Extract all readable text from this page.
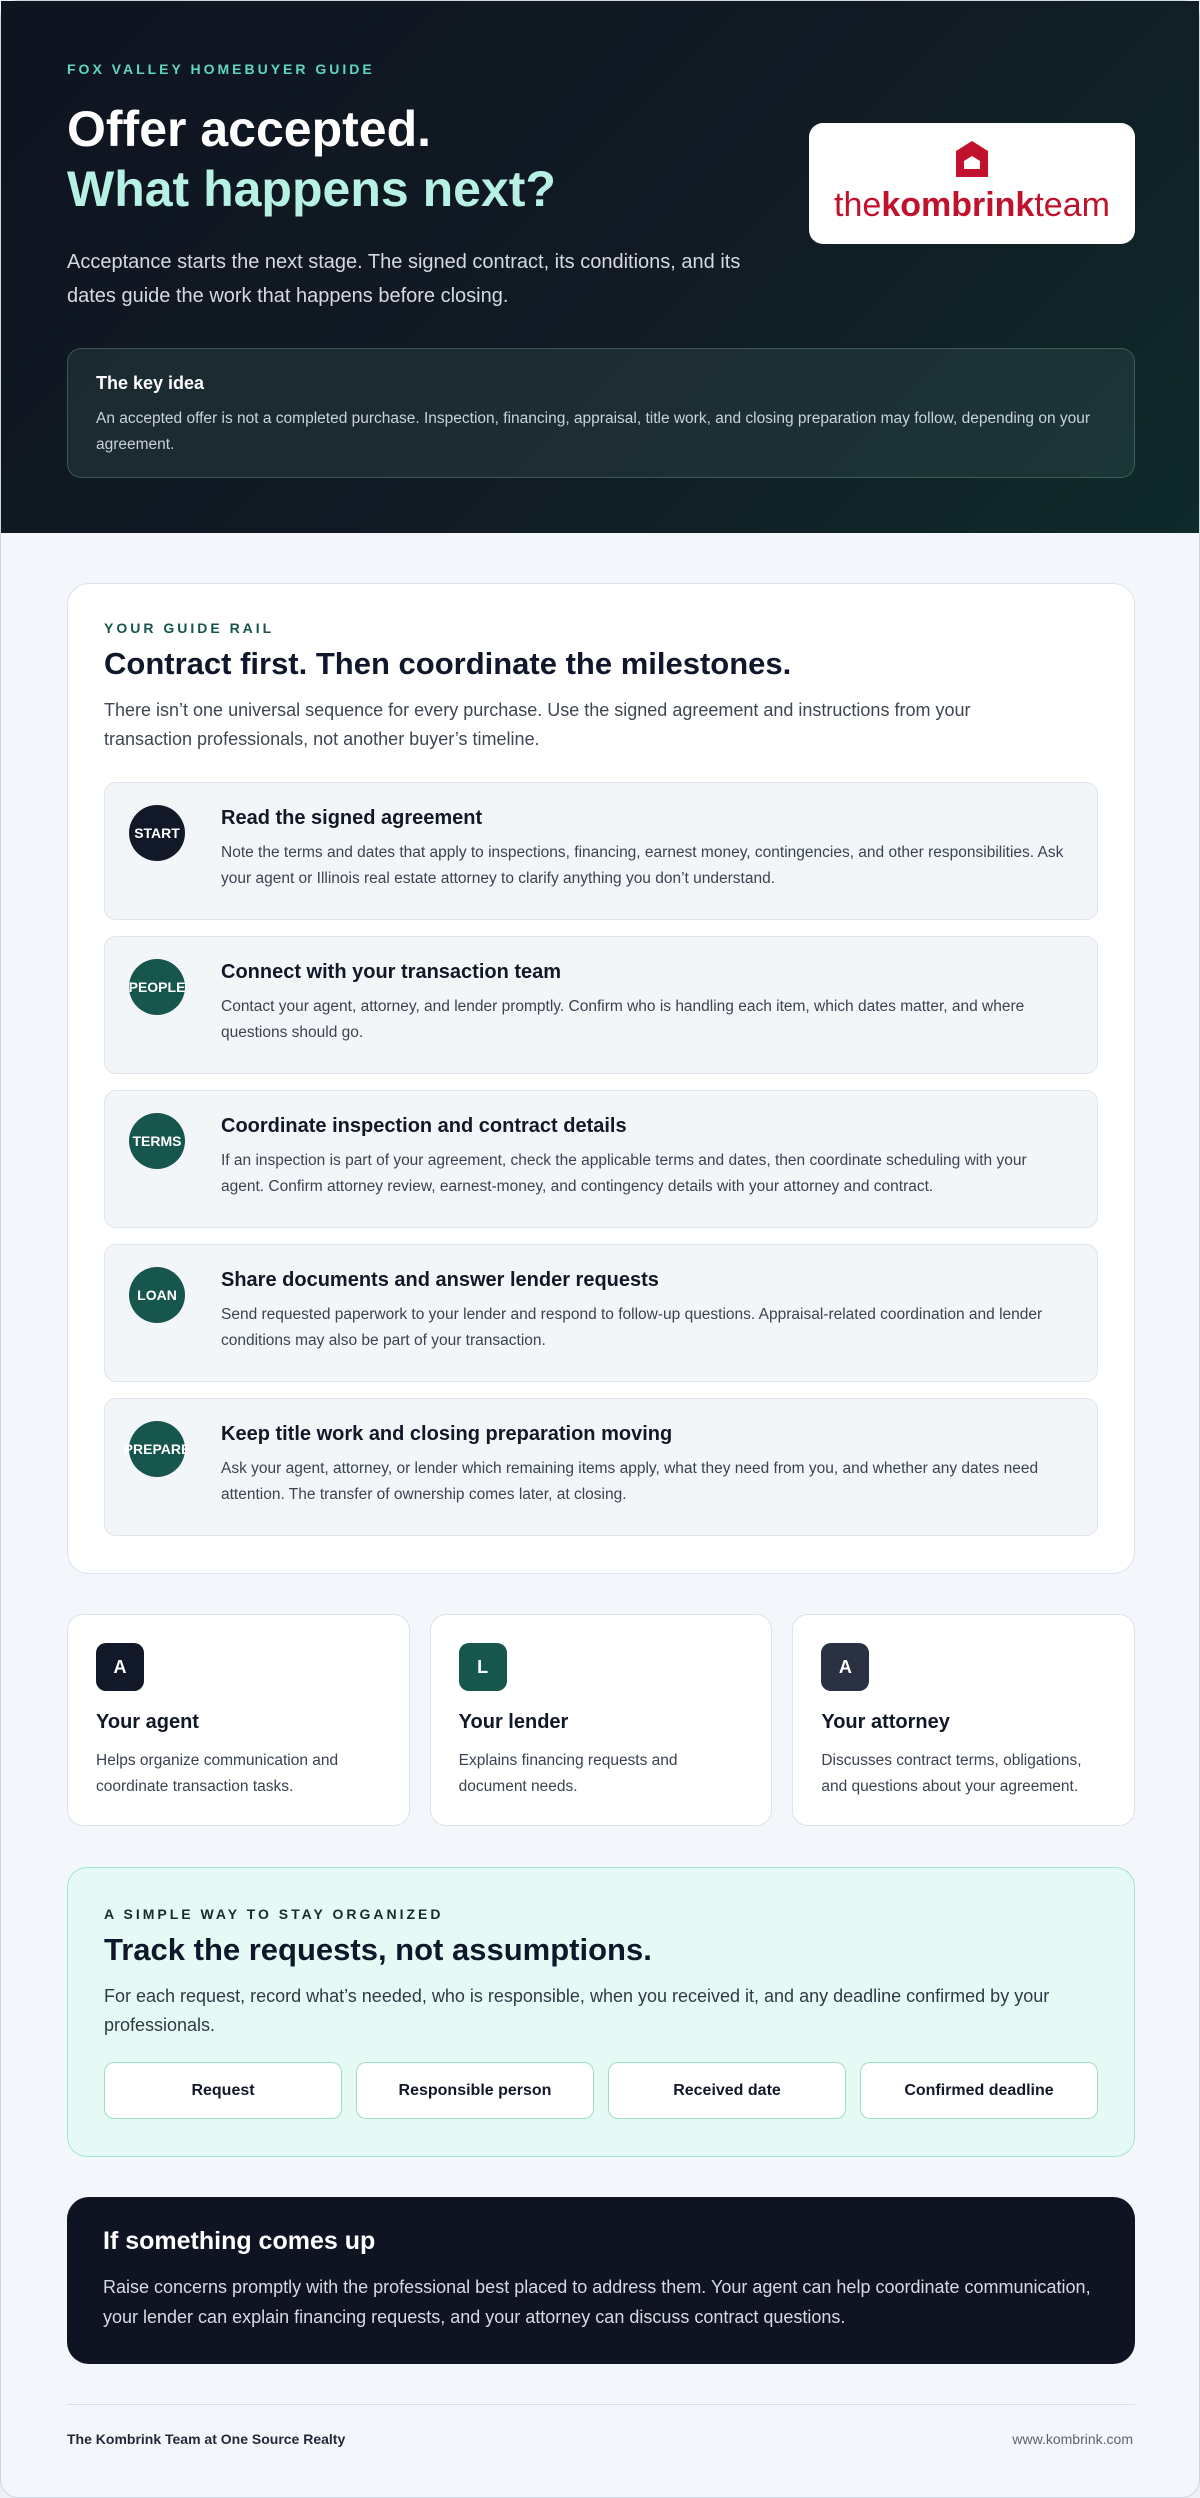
FOX VALLEY HOMEBUYER GUIDE
Offer accepted.
What happens next?

Acceptance starts the next stage. The signed contract, its conditions, and its dates guide the work that happens before closing.

thekombrinkteam
The key idea

An accepted offer is not a completed purchase. Inspection, financing, appraisal, title work, and closing preparation may follow, depending on your agreement.

YOUR GUIDE RAIL
Contract first. Then coordinate the milestones.

There isn’t one universal sequence for every purchase. Use the signed agreement and instructions from your transaction professionals, not another buyer’s timeline.

START
Read the signed agreement

Note the terms and dates that apply to inspections, financing, earnest money, contingencies, and other responsibilities. Ask your agent or Illinois real estate attorney to clarify anything you don’t understand.

PEOPLE
Connect with your transaction team

Contact your agent, attorney, and lender promptly. Confirm who is handling each item, which dates matter, and where questions should go.

TERMS
Coordinate inspection and contract details

If an inspection is part of your agreement, check the applicable terms and dates, then coordinate scheduling with your agent. Confirm attorney review, earnest-money, and contingency details with your attorney and contract.

LOAN
Share documents and answer lender requests

Send requested paperwork to your lender and respond to follow-up questions. Appraisal-related coordination and lender conditions may also be part of your transaction.

PREPARE
Keep title work and closing preparation moving

Ask your agent, attorney, or lender which remaining items apply, what they need from you, and whether any dates need attention. The transfer of ownership comes later, at closing.

A
Your agent

Helps organize communication and coordinate transaction tasks.

L
Your lender

Explains financing requests and document needs.

A
Your attorney

Discusses contract terms, obligations, and questions about your agreement.

A SIMPLE WAY TO STAY ORGANIZED
Track the requests, not assumptions.

For each request, record what’s needed, who is responsible, when you received it, and any deadline confirmed by your professionals.

Request	Responsible person	Received date	Confirmed deadline
If something comes up

Raise concerns promptly with the professional best placed to address them. Your agent can help coordinate communication, your lender can explain financing requests, and your attorney can discuss contract questions.

The Kombrink Team at One Source Realty	www.kombrink.com
